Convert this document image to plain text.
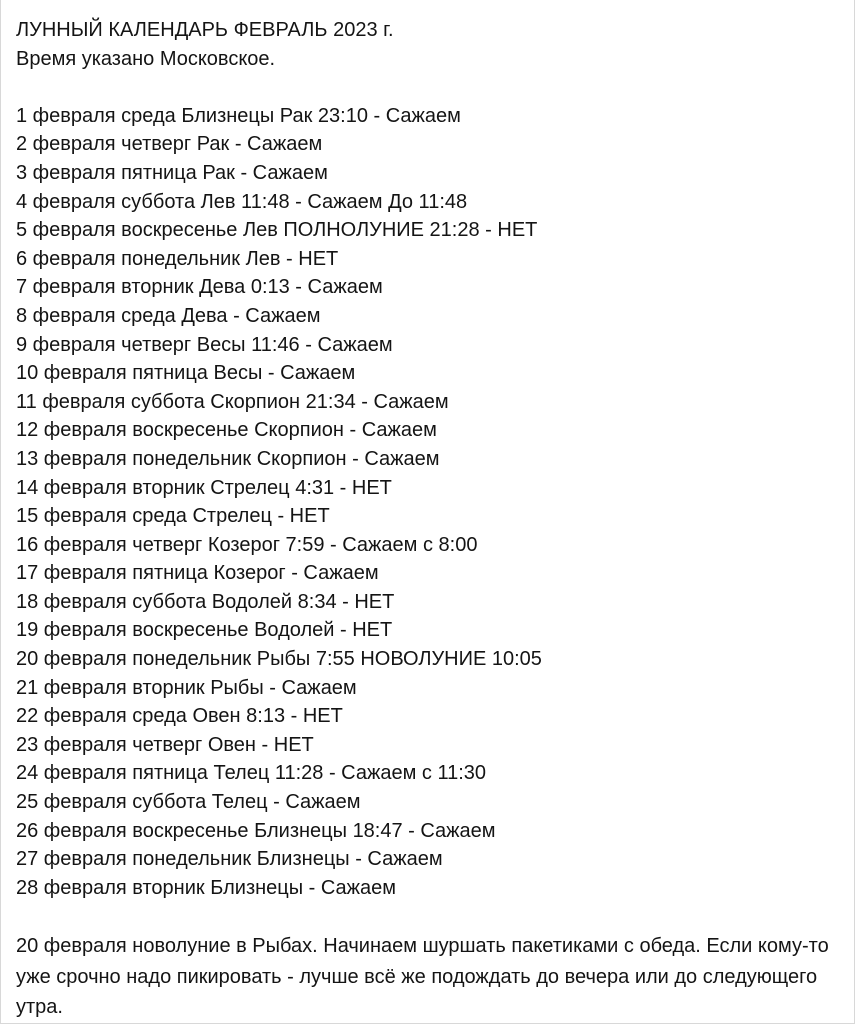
ЛУННЫЙ КАЛЕНДАРЬ ФЕВРАЛЬ 2023 г.
Время указано Московское.
1 февраля среда Близнецы Рак 23:10 - Сажаем
2 февраля четверг Рак - Сажаем
3 февраля пятница Рак - Сажаем
4 февраля суббота Лев 11:48 - Сажаем До 11:48
5 февраля воскресенье Лев ПОЛНОЛУНИЕ 21:28 - НЕТ
6 февраля понедельник Лев - НЕТ
7 февраля вторник Дева 0:13 - Сажаем
8 февраля среда Дева - Сажаем
9 февраля четверг Весы 11:46 - Сажаем
10 февраля пятница Весы - Сажаем
11 февраля суббота Скорпион 21:34 - Сажаем
12 февраля воскресенье Скорпион - Сажаем
13 февраля понедельник Скорпион - Сажаем
14 февраля вторник Стрелец 4:31 - НЕТ
15 февраля среда Стрелец - НЕТ
16 февраля четверг Козерог 7:59 - Сажаем с 8:00
17 февраля пятница Козерог - Сажаем
18 февраля суббота Водолей 8:34 - НЕТ
19 февраля воскресенье Водолей - НЕТ
20 февраля понедельник Рыбы 7:55 НОВОЛУНИЕ 10:05
21 февраля вторник Рыбы - Сажаем
22 февраля среда Овен 8:13 - НЕТ
23 февраля четверг Овен - НЕТ
24 февраля пятница Телец 11:28 - Сажаем с 11:30
25 февраля суббота Телец - Сажаем
26 февраля воскресенье Близнецы 18:47 - Сажаем
27 февраля понедельник Близнецы - Сажаем
28 февраля вторник Близнецы - Сажаем
20 февраля новолуние в Рыбах. Начинаем шуршать пакетиками с обеда. Если кому-то уже срочно надо пикировать - лучше всё же подождать до вечера или до следующего утра.
